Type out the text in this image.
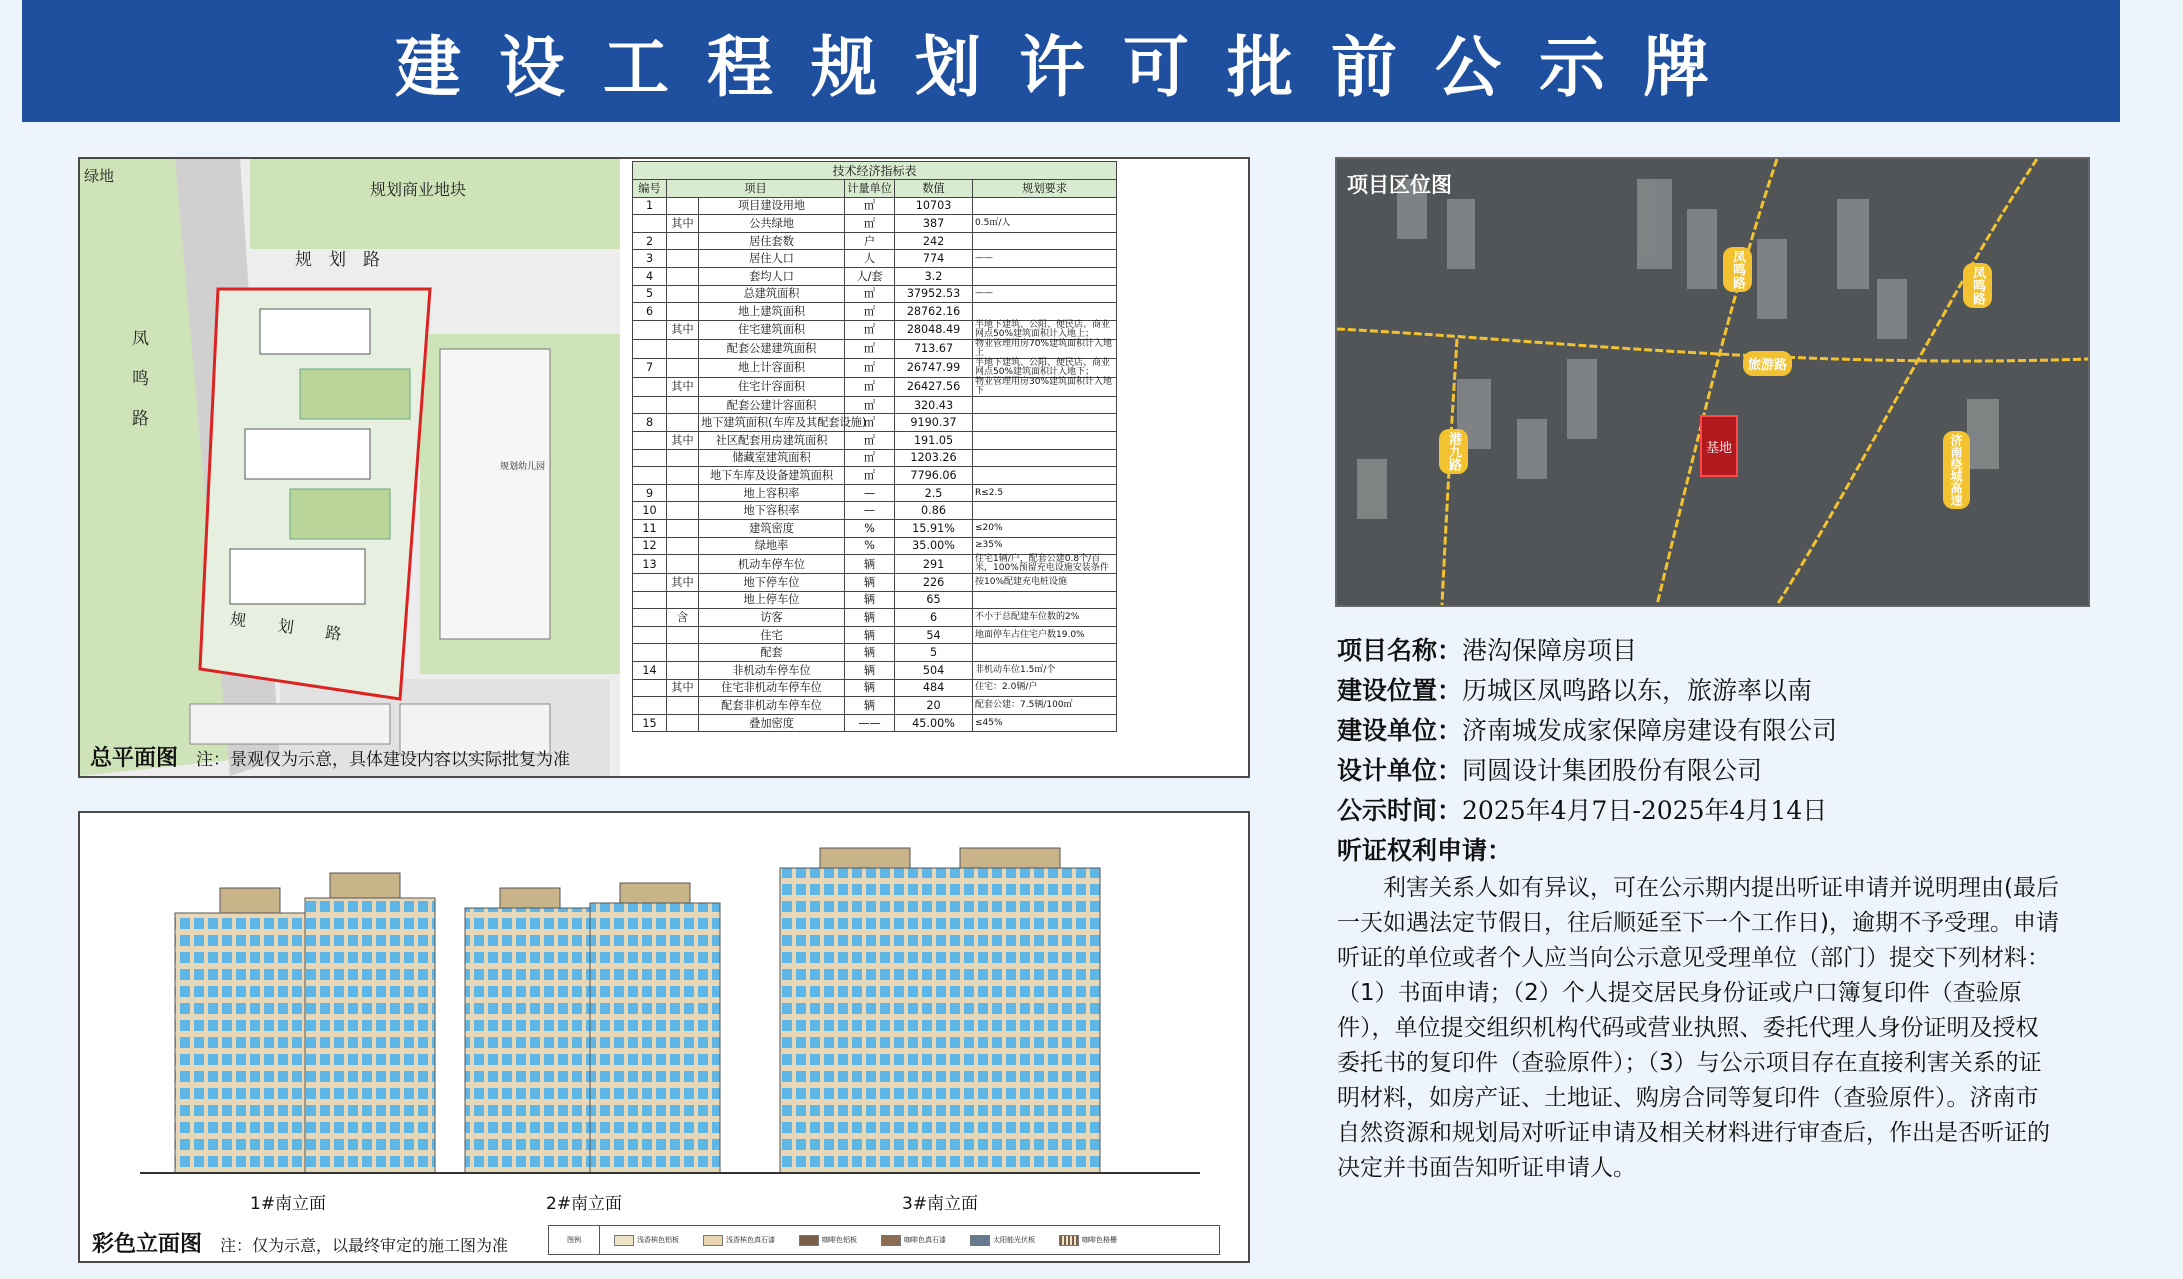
建设工程规划许可批前公示牌
绿地
规划商业地块
规　划　路
凤

鸣

路
规　　划　　路
规划幼儿园
总平面图 注：景观仅为示意，具体建设内容以实际批复为准
技术经济指标表
编号	项目		计量单位	数值	规划要求
1		项目建设用地	㎡	10703	
	其中	公共绿地	㎡	387	0.5㎡/人
2		居住套数	户	242	
3		居住人口	人	774	——
4		套均人口	人/套	3.2	
5		总建筑面积	㎡	37952.53	——
6		地上建筑面积	㎡	28762.16	
	其中	住宅建筑面积	㎡	28048.49	半地下建筑、公阳、便民店、商业网点50%建筑面积计入地上；
		配套公建建筑面积	㎡	713.67	物业管理用房70%建筑面积计入地上
7		地上计容面积	㎡	26747.99	半地下建筑、公阳、便民店、商业网点50%建筑面积计入地下；
	其中	住宅计容面积	㎡	26427.56	物业管理用房30%建筑面积计入地下
		配套公建计容面积	㎡	320.43	
8		地下建筑面积(车库及其配套设施)	㎡	9190.37	
	其中	社区配套用房建筑面积	㎡	191.05	
		储藏室建筑面积	㎡	1203.26	
		地下车库及设备建筑面积	㎡	7796.06	
9		地上容积率	—	2.5	R≤2.5
10		地下容积率	—	0.86	
11		建筑密度	%	15.91%	≤20%
12		绿地率	%	35.00%	≥35%
13		机动车停车位	辆	291	住宅1辆/户，配套公建0.8个/百米，100%预留充电设施安装条件
	其中	地下停车位	辆	226	按10%配建充电桩设施
		地上停车位	辆	65	
	含	访客	辆	6	不小于总配建车位数的2%
		住宅	辆	54	地面停车占住宅户数19.0%
		配套	辆	5	
14		非机动车停车位	辆	504	非机动车位1.5㎡/个
	其中	住宅非机动车停车位	辆	484	住宅：2.0辆/户
		配套非机动车停车位	辆	20	配套公建：7.5辆/100㎡
15		叠加密度	——	45.00%	≤45%
1#南立面	2#南立面	3#南立面
彩色立面图 注：仅为示意，以最终审定的施工图为准	图例	浅香槟色铝板	浅香槟色真石漆	咖啡色铝板	咖啡色真石漆	太阳能光伏板	咖啡色格栅
项目区位图
凤鸣路	凤鸣路
旅游路
港九路	济南绕城高速
基地
项目名称：港沟保障房项目
建设位置：历城区凤鸣路以东，旅游率以南
建设单位：济南城发成家保障房建设有限公司
设计单位：同圆设计集团股份有限公司
公示时间：2025年4月7日-2025年4月14日
听证权利申请：

利害关系人如有异议，可在公示期内提出听证申请并说明理由(最后一天如遇法定节假日，往后顺延至下一个工作日)，逾期不予受理。申请听证的单位或者个人应当向公示意见受理单位（部门）提交下列材料：

（1）书面申请；（2）个人提交居民身份证或户口簿复印件（查验原件），单位提交组织机构代码或营业执照、委托代理人身份证明及授权委托书的复印件（查验原件）；（3）与公示项目存在直接利害关系的证明材料，如房产证、土地证、购房合同等复印件（查验原件）。济南市自然资源和规划局对听证申请及相关材料进行审查后，作出是否听证的决定并书面告知听证申请人。
